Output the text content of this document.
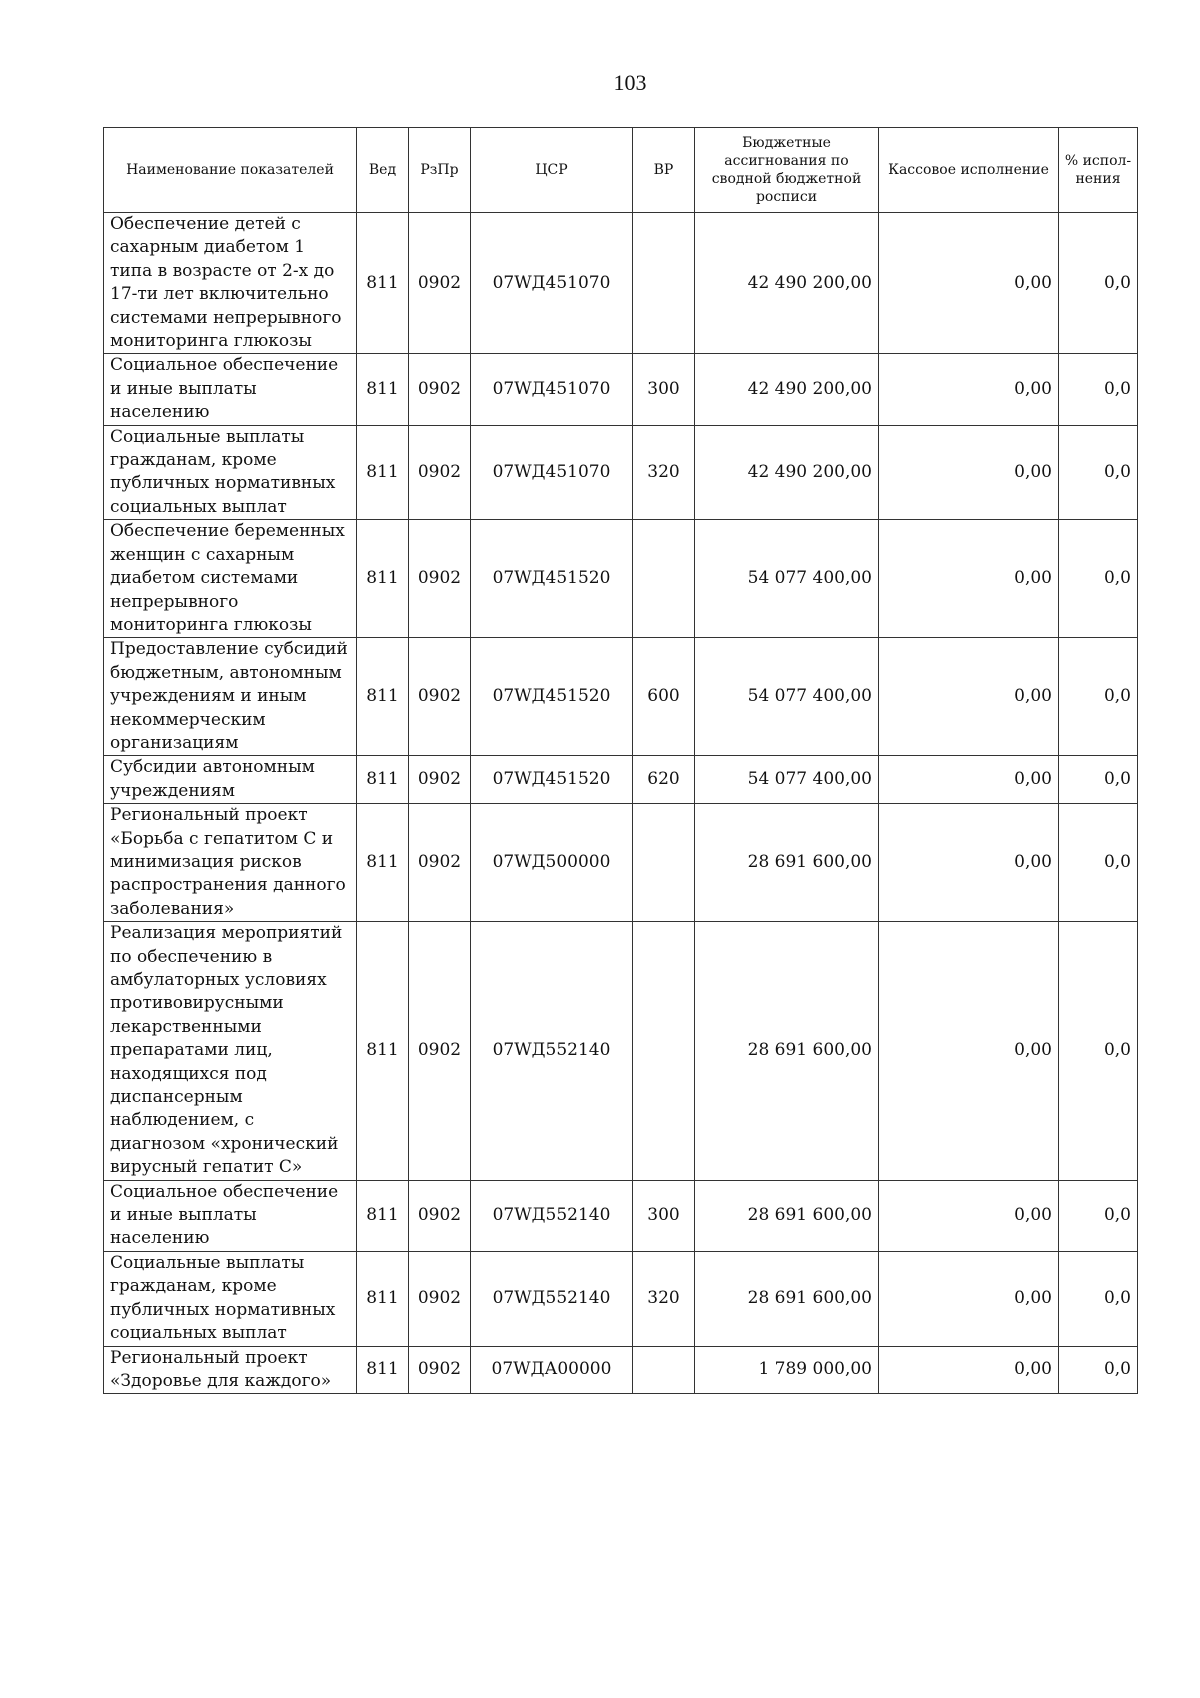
103
Наименование показателей	Вед	РзПр	ЦСР	ВР	Бюджетные ассигнования по сводной бюджетной росписи	Кассовое исполнение	% испол-нения
Обеспечение детей с сахарным диабетом 1 типа в возрасте от 2-х до 17-ти лет включительно системами непрерывного мониторинга глюкозы	811	0902	07WД451070		42 490 200,00	0,00	0,0
Социальное обеспечение и иные выплаты населению	811	0902	07WД451070	300	42 490 200,00	0,00	0,0
Социальные выплаты гражданам, кроме публичных нормативных социальных выплат	811	0902	07WД451070	320	42 490 200,00	0,00	0,0
Обеспечение беременных женщин с сахарным диабетом системами непрерывного мониторинга глюкозы	811	0902	07WД451520		54 077 400,00	0,00	0,0
Предоставление субсидий бюджетным, автономным учреждениям и иным некоммерческим организациям	811	0902	07WД451520	600	54 077 400,00	0,00	0,0
Субсидии автономным учреждениям	811	0902	07WД451520	620	54 077 400,00	0,00	0,0
Региональный проект «Борьба с гепатитом С и минимизация рисков распространения данного заболевания»	811	0902	07WД500000		28 691 600,00	0,00	0,0
Реализация мероприятий по обеспечению в амбулаторных условиях противовирусными лекарственными препаратами лиц, находящихся под диспансерным наблюдением, с диагнозом «хронический вирусный гепатит С»	811	0902	07WД552140		28 691 600,00	0,00	0,0
Социальное обеспечение и иные выплаты населению	811	0902	07WД552140	300	28 691 600,00	0,00	0,0
Социальные выплаты гражданам, кроме публичных нормативных социальных выплат	811	0902	07WД552140	320	28 691 600,00	0,00	0,0
Региональный проект «Здоровье для каждого»	811	0902	07WДА00000		1 789 000,00	0,00	0,0
